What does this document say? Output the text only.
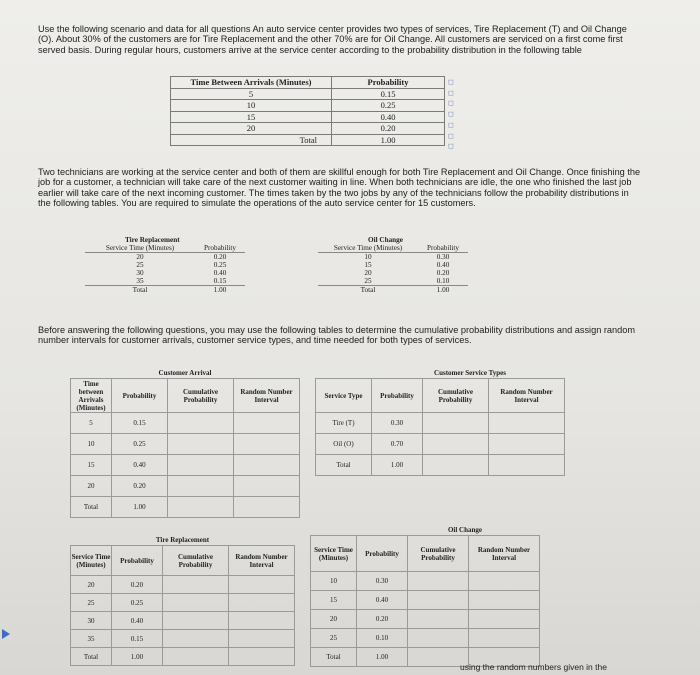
Use the following scenario and data for all questions An auto service center provides two types of services, Tire Replacement (T) and Oil Change (O). About 30% of the customers are for Tire Replacement and the other 70% are for Oil Change. All customers are serviced on a first come first served basis. During regular hours, customers arrive at the service center according to the probability distribution in the following table

Time Between Arrivals (Minutes)	Probability
5	0.15
10	0.25
15	0.40
20	0.20
Total	1.00
◻
◻
◻
◻
◻
◻
◻

Two technicians are working at the service center and both of them are skillful enough for both Tire Replacement and Oil Change. Once finishing the job for a customer, a technician will take care of the next customer waiting in line. When both technicians are idle, the one who finished the last job earlier will take care of the next incoming customer. The times taken by the two jobs by any of the technicians follow the probability distributions in the following tables. You are required to simulate the operations of the auto service center for 15 customers.

Tire Replacement	
Service Time (Minutes)	Probability
20	0.20
25	0.25
30	0.40
35	0.15
Total	1.00
Oil Change	
Service Time (Minutes)	Probability
10	0.30
15	0.40
20	0.20
25	0.10
Total	1.00

Before answering the following questions, you may use the following tables to determine the cumulative probability distributions and assign random number intervals for customer arrivals, customer service types, and time needed for both types of services.

Customer Arrival			
Time between Arrivals (Minutes)	Probability	Cumulative Probability	Random Number Interval
5	0.15		
10	0.25		
15	0.40		
20	0.20		
Total	1.00		
Customer Service Types			
Service Type	Probability	Cumulative Probability	Random Number Interval
Tire (T)	0.30		
Oil (O)	0.70		
Total	1.00		
Tire Replacement			
Service Time (Minutes)	Probability	Cumulative Probability	Random Number Interval
20	0.20		
25	0.25		
30	0.40		
35	0.15		
Total	1.00		
Oil Change			
Service Time (Minutes)	Probability	Cumulative Probability	Random Number Interval
10	0.30		
15	0.40		
20	0.20		
25	0.10		
Total	1.00		
using the random numbers given in the
